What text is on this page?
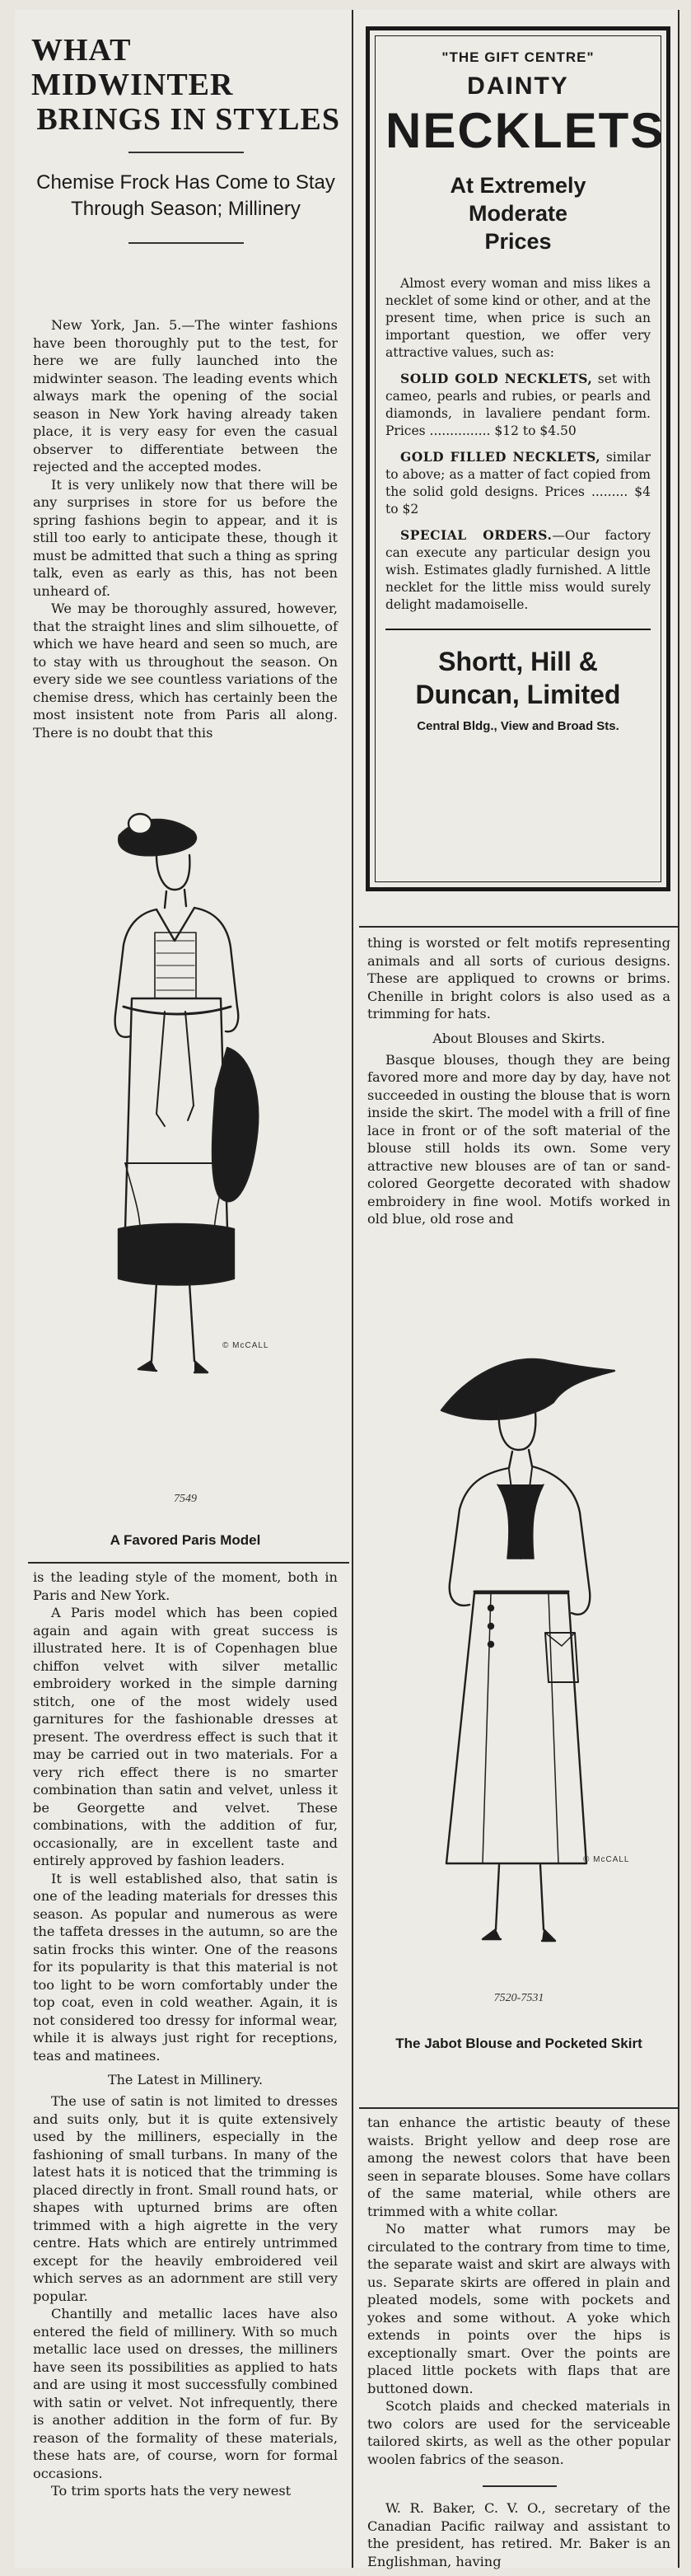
WHAT MIDWINTER
BRINGS IN STYLES
Chemise Frock Has Come to Stay Through Season; Millinery

New York, Jan. 5.—The winter fashions have been thoroughly put to the test, for here we are fully launched into the midwinter season. The leading events which always mark the opening of the social season in New York having already taken place, it is very easy for even the casual observer to differentiate between the rejected and the accepted modes.

It is very unlikely now that there will be any surprises in store for us before the spring fashions begin to appear, and it is still too early to anticipate these, though it must be admitted that such a thing as spring talk, even as early as this, has not been unheard of.

We may be thoroughly assured, however, that the straight lines and slim silhouette, of which we have heard and seen so much, are to stay with us throughout the season. On every side we see countless variations of the chemise dress, which has certainly been the most insistent note from Paris all along. There is no doubt that this

7549
A Favored Paris Model
© McCALL

is the leading style of the moment, both in Paris and New York.

A Paris model which has been copied again and again with great success is illustrated here. It is of Copenhagen blue chiffon velvet with silver metallic embroidery worked in the simple darning stitch, one of the most widely used garnitures for the fashionable dresses at present. The overdress effect is such that it may be carried out in two materials. For a very rich effect there is no smarter combination than satin and velvet, unless it be Georgette and velvet. These combinations, with the addition of fur, occasionally, are in excellent taste and entirely approved by fashion leaders.

It is well established also, that satin is one of the leading materials for dresses this season. As popular and numerous as were the taffeta dresses in the autumn, so are the satin frocks this winter. One of the reasons for its popularity is that this material is not too light to be worn comfortably under the top coat, even in cold weather. Again, it is not considered too dressy for informal wear, while it is always just right for receptions, teas and matinees.

The Latest in Millinery.

The use of satin is not limited to dresses and suits only, but it is quite extensively used by the milliners, especially in the fashioning of small turbans. In many of the latest hats it is noticed that the trimming is placed directly in front. Small round hats, or shapes with upturned brims are often trimmed with a high aigrette in the very centre. Hats which are entirely untrimmed except for the heavily embroidered veil which serves as an adornment are still very popular.

Chantilly and metallic laces have also entered the field of millinery. With so much metallic lace used on dresses, the milliners have seen its possibilities as applied to hats and are using it most successfully combined with satin or velvet. Not infrequently, there is another addition in the form of fur. By reason of the formality of these materials, these hats are, of course, worn for formal occasions.

To trim sports hats the very newest

"THE GIFT CENTRE"
DAINTY
NECKLETS
At Extremely
Moderate
Prices

Almost every woman and miss likes a necklet of some kind or other, and at the present time, when price is such an important question, we offer very attractive values, such as:

SOLID GOLD NECKLETS, set with cameo, pearls and rubies, or pearls and diamonds, in lavaliere pendant form. Prices ............... $12 to $4.50

GOLD FILLED NECKLETS, similar to above; as a matter of fact copied from the solid gold designs. Prices ......... $4 to $2

SPECIAL ORDERS.—Our factory can execute any particular design you wish. Estimates gladly furnished. A little necklet for the little miss would surely delight madamoiselle.

Shortt, Hill &
Duncan, Limited
Central Bldg., View and Broad Sts.

thing is worsted or felt motifs representing animals and all sorts of curious designs. These are appliqued to crowns or brims. Chenille in bright colors is also used as a trimming for hats.

About Blouses and Skirts.

Basque blouses, though they are being favored more and more day by day, have not succeeded in ousting the blouse that is worn inside the skirt. The model with a frill of fine lace in front or of the soft material of the blouse still holds its own. Some very attractive new blouses are of tan or sand-colored Georgette decorated with shadow embroidery in fine wool. Motifs worked in old blue, old rose and

© McCALL
7520-7531
The Jabot Blouse and Pocketed Skirt

tan enhance the artistic beauty of these waists. Bright yellow and deep rose are among the newest colors that have been seen in separate blouses. Some have collars of the same material, while others are trimmed with a white collar.

No matter what rumors may be circulated to the contrary from time to time, the separate waist and skirt are always with us. Separate skirts are offered in plain and pleated models, some with pockets and yokes and some without. A yoke which extends in points over the hips is exceptionally smart. Over the points are placed little pockets with flaps that are buttoned down.

Scotch plaids and checked materials in two colors are used for the serviceable tailored skirts, as well as the other popular woolen fabrics of the season.

W. R. Baker, C. V. O., secretary of the Canadian Pacific railway and assistant to the president, has retired. Mr. Baker is an Englishman, having
